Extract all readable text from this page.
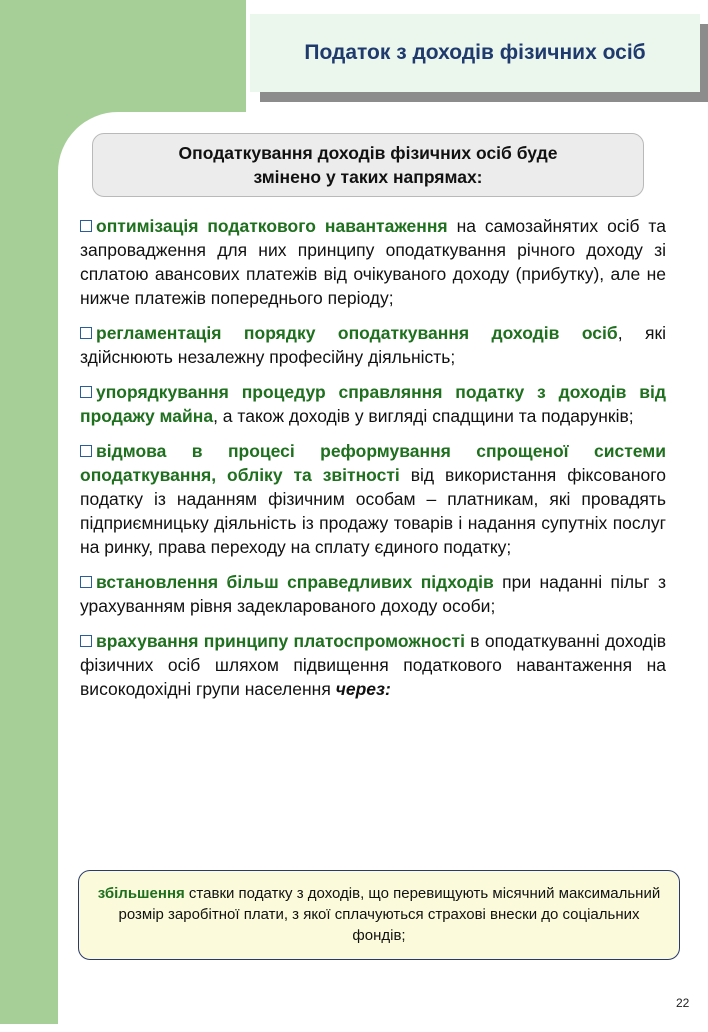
Податок з доходів фізичних осіб
Оподаткування доходів фізичних осіб буде
змінено у таких напрямах:
оптимізація податкового навантаження на самозайнятих осіб та запровадження для них принципу оподаткування річного доходу зі сплатою авансових платежів від очікуваного доходу (прибутку), але не нижче платежів попереднього періоду;
регламентація порядку оподаткування доходів осіб, які здійснюють незалежну професійну діяльність;
упорядкування процедур справляння податку з доходів від продажу майна, а також доходів у вигляді спадщини та подарунків;
відмова в процесі реформування спрощеної системи оподаткування, обліку та звітності від використання фіксованого податку із наданням фізичним особам – платникам, які провадять підприємницьку діяльність із продажу товарів і надання супутніх послуг на ринку, права переходу на сплату єдиного податку;
встановлення більш справедливих підходів при наданні пільг з урахуванням рівня задекларованого доходу особи;
врахування принципу платоспроможності в оподаткуванні доходів фізичних осіб шляхом підвищення податкового навантаження на високодохідні групи населення через:
збільшення ставки податку з доходів, що перевищують місячний максимальний розмір заробітної плати, з якої сплачуються страхові внески до соціальних фондів;
22
